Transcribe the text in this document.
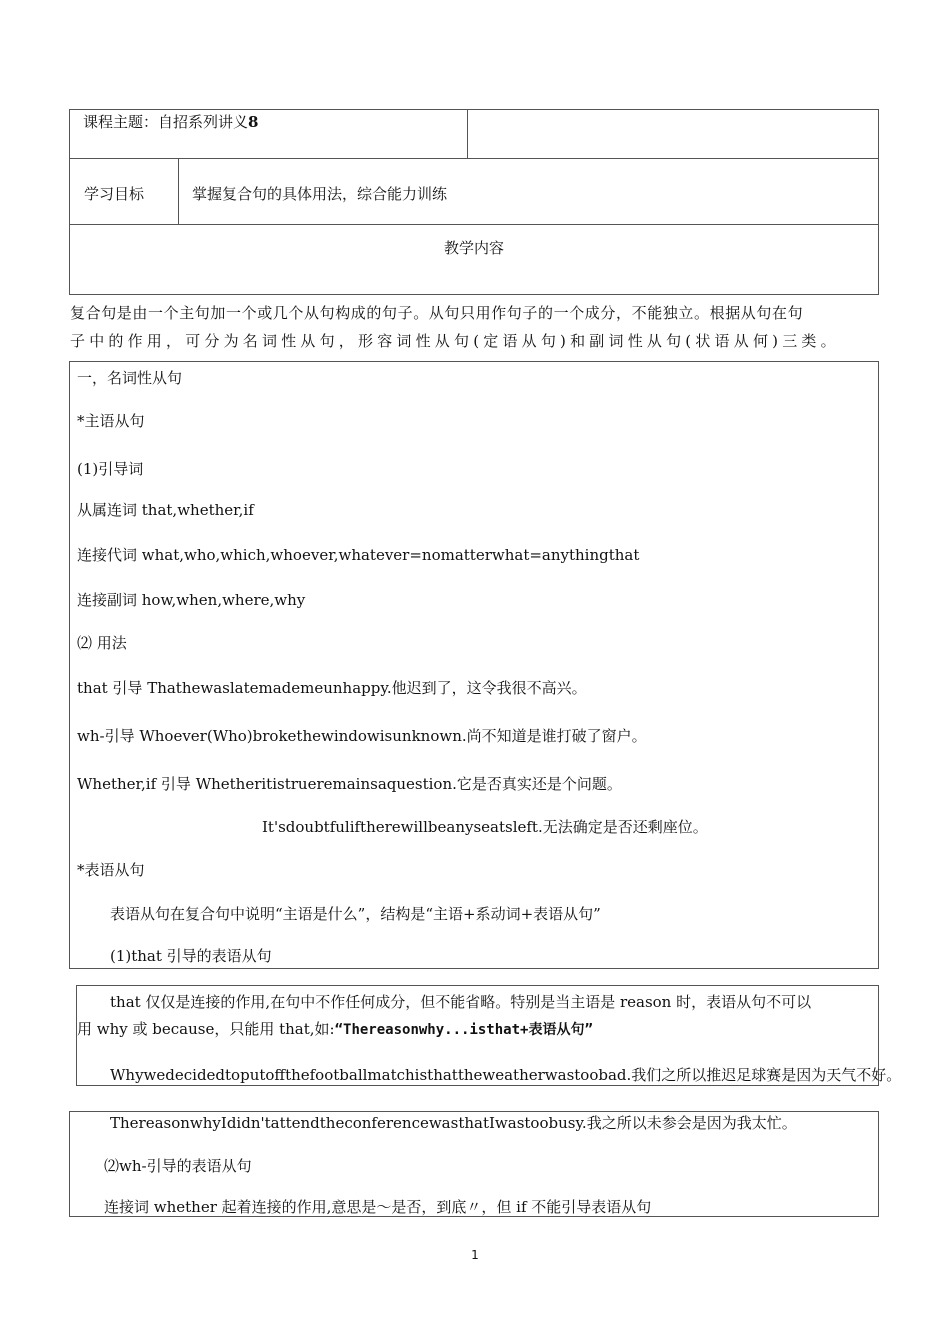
课程主题：自招系列讲义8
学习目标	掌握复合句的具体用法，综合能力训练
教学内容
复合句是由一个主句加一个或几个从句构成的句子。从句只用作句子的一个成分，不能独立。根据从句在句
子中的作用，可分为名词性从句，形容词性从句(定语从句)和副词性从句(状语从何)三类。
一，名词性从句
*主语从句
(1)引导词
从属连词 that,whether,if
连接代词 what,who,which,whoever,whatever=nomatterwhat=anythingthat
连接副词 how,when,where,why
⑵ 用法
that 引导 Thathewaslatemademeunhappy.他迟到了，这令我很不高兴。
wh-引导 Whoever(Who)brokethewindowisunknown.尚不知道是谁打破了窗户。
Whether,if 引导 Whetheritistrueremainsaquestion.它是否真实还是个问题。
It'sdoubtfuliftherewillbeanyseatsleft.无法确定是否还剩座位。
*表语从句
表语从句在复合句中说明“主语是什么”，结构是“主语+系动词+表语从句”
(1)that 引导的表语从句
that 仅仅是连接的作用,在句中不作任何成分，但不能省略。特别是当主语是 reason 时，表语从句不可以
用 why 或 because，只能用 that,如:“Thereasonwhy...isthat+表语从句”
Whywedecidedtoputoffthefootballmatchisthattheweatherwastoobad.我们之所以推迟足球赛是因为天气不好。
ThereasonwhyIdidn'tattendtheconferencewasthatIwastoobusy.我之所以未参会是因为我太忙。
⑵wh-引导的表语从句
连接词 whether 起着连接的作用,意思是〜是否，到底〃，但 if 不能引导表语从句
1
